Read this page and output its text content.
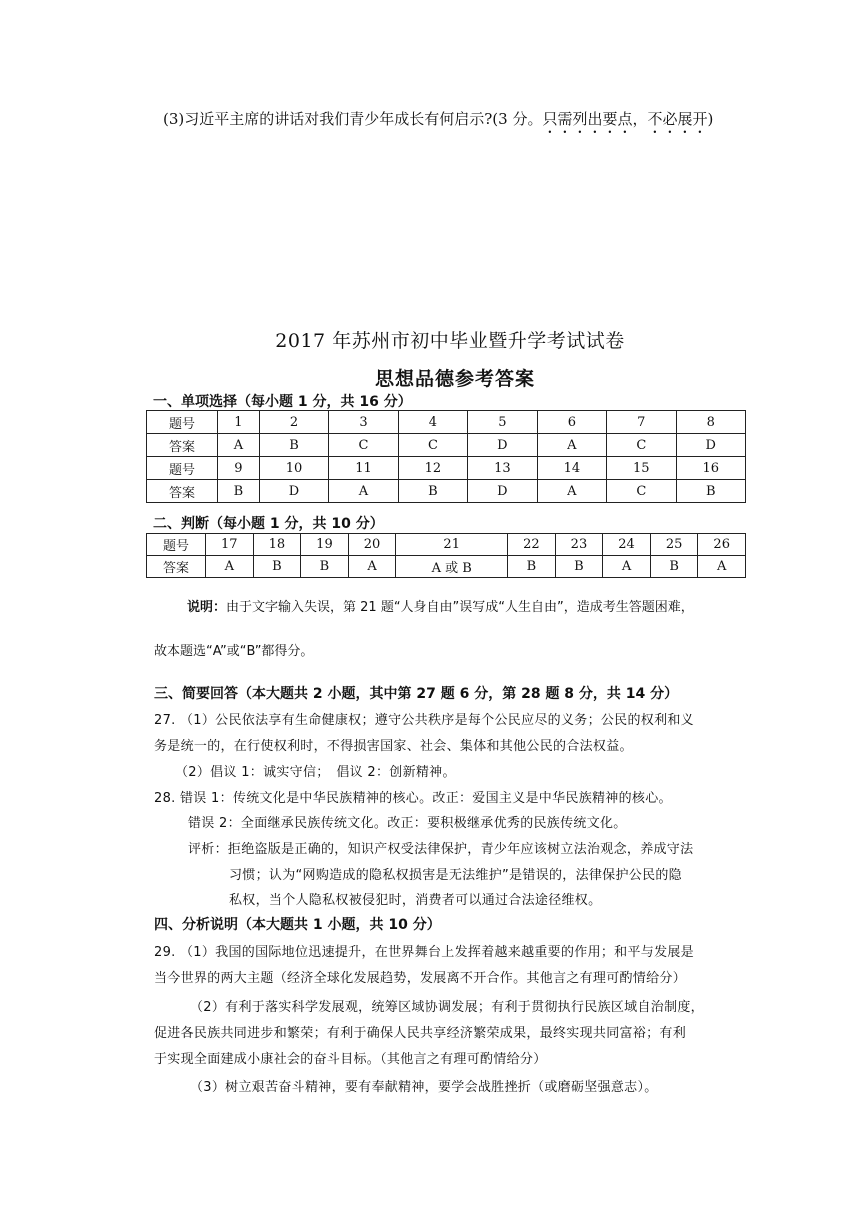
(3)习近平主席的讲话对我们青少年成长有何启示?(3 分。只需列出要点，不必展开)
2017 年苏州市初中毕业暨升学考试试卷
思想品德参考答案
一、单项选择（每小题 1 分，共 16 分）
题号	1	2	3	4	5	6	7	8
答案	A	B	C	C	D	A	C	D
题号	9	10	11	12	13	14	15	16
答案	B	D	A	B	D	A	C	B
二、判断（每小题 1 分，共 10 分）
题号	17	18	19	20	21	22	23	24	25	26
答案	A	B	B	A	A 或 B	B	B	A	B	A
说明：由于文字输入失误，第 21 题“人身自由”误写成“人生自由”，造成考生答题困难，
故本题选“A”或“B”都得分。
三、简要回答（本大题共 2 小题，其中第 27 题 6 分，第 28 题 8 分，共 14 分）
27. （1）公民依法享有生命健康权；遵守公共秩序是每个公民应尽的义务；公民的权利和义
务是统一的，在行使权利时，不得损害国家、社会、集体和其他公民的合法权益。
（2）倡议 1：诚实守信；　倡议 2：创新精神。
28. 错误 1：传统文化是中华民族精神的核心。改正：爱国主义是中华民族精神的核心。
错误 2：全面继承民族传统文化。改正：要积极继承优秀的民族传统文化。
评析：拒绝盗版是正确的，知识产权受法律保护，青少年应该树立法治观念，养成守法
习惯；认为“网购造成的隐私权损害是无法维护”是错误的，法律保护公民的隐
私权，当个人隐私权被侵犯时，消费者可以通过合法途径维权。
四、分析说明（本大题共 1 小题，共 10 分）
29. （1）我国的国际地位迅速提升，在世界舞台上发挥着越来越重要的作用；和平与发展是
当今世界的两大主题（经济全球化发展趋势，发展离不开合作。其他言之有理可酌情给分）
（2）有利于落实科学发展观，统筹区域协调发展；有利于贯彻执行民族区域自治制度，
促进各民族共同进步和繁荣；有利于确保人民共享经济繁荣成果，最终实现共同富裕；有利
于实现全面建成小康社会的奋斗目标。（其他言之有理可酌情给分）
（3）树立艰苦奋斗精神，要有奉献精神，要学会战胜挫折（或磨砺坚强意志）。
